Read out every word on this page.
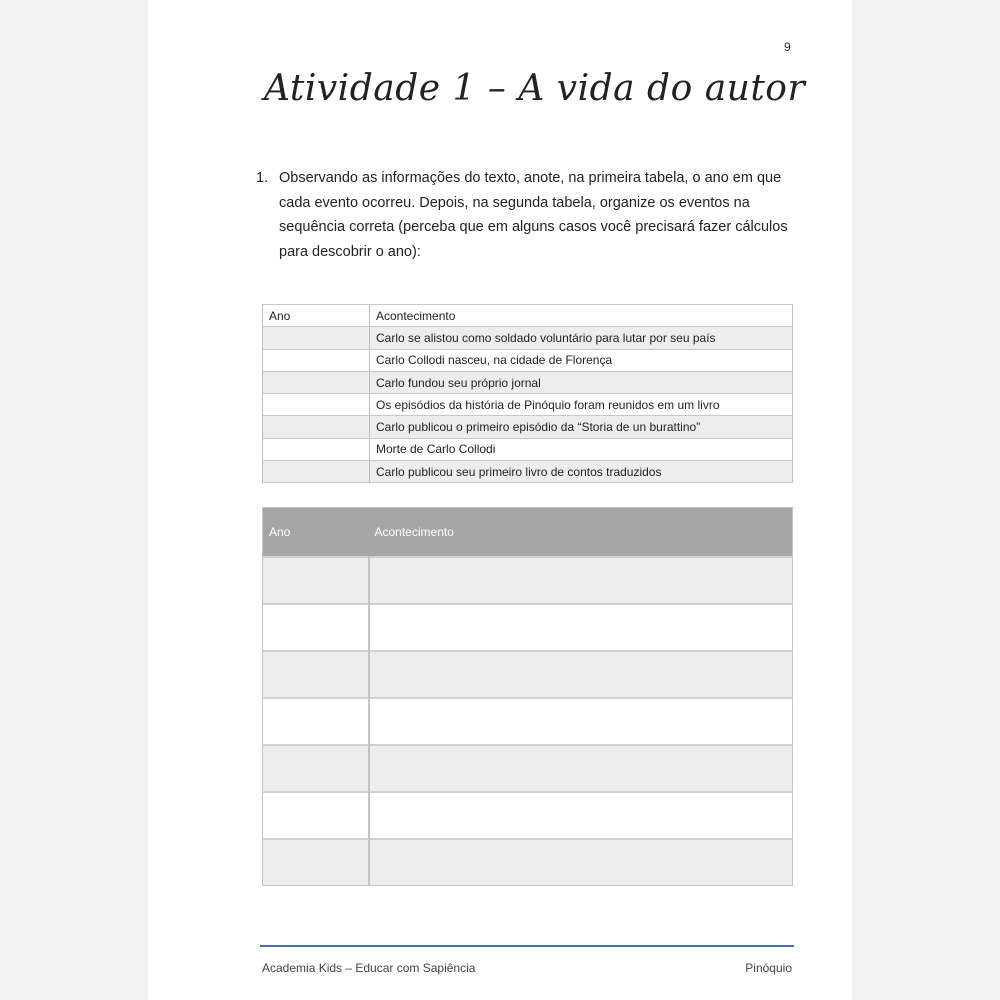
9
Atividade 1 – A vida do autor
1. Observando as informações do texto, anote, na primeira tabela, o ano em que cada evento ocorreu. Depois, na segunda tabela, organize os eventos na sequência correta (perceba que em alguns casos você precisará fazer cálculos para descobrir o ano):
Ano	Acontecimento
	Carlo se alistou como soldado voluntário para lutar por seu país
	Carlo Collodi nasceu, na cidade de Florença
	Carlo fundou seu próprio jornal
	Os episódios da história de Pinóquio foram reunidos em um livro
	Carlo publicou o primeiro episódio da “Storia de un burattino”
	Morte de Carlo Collodi
	Carlo publicou seu primeiro livro de contos traduzidos
Ano	Acontecimento

Academia Kids – Educar com Sapiência	Pinóquio
